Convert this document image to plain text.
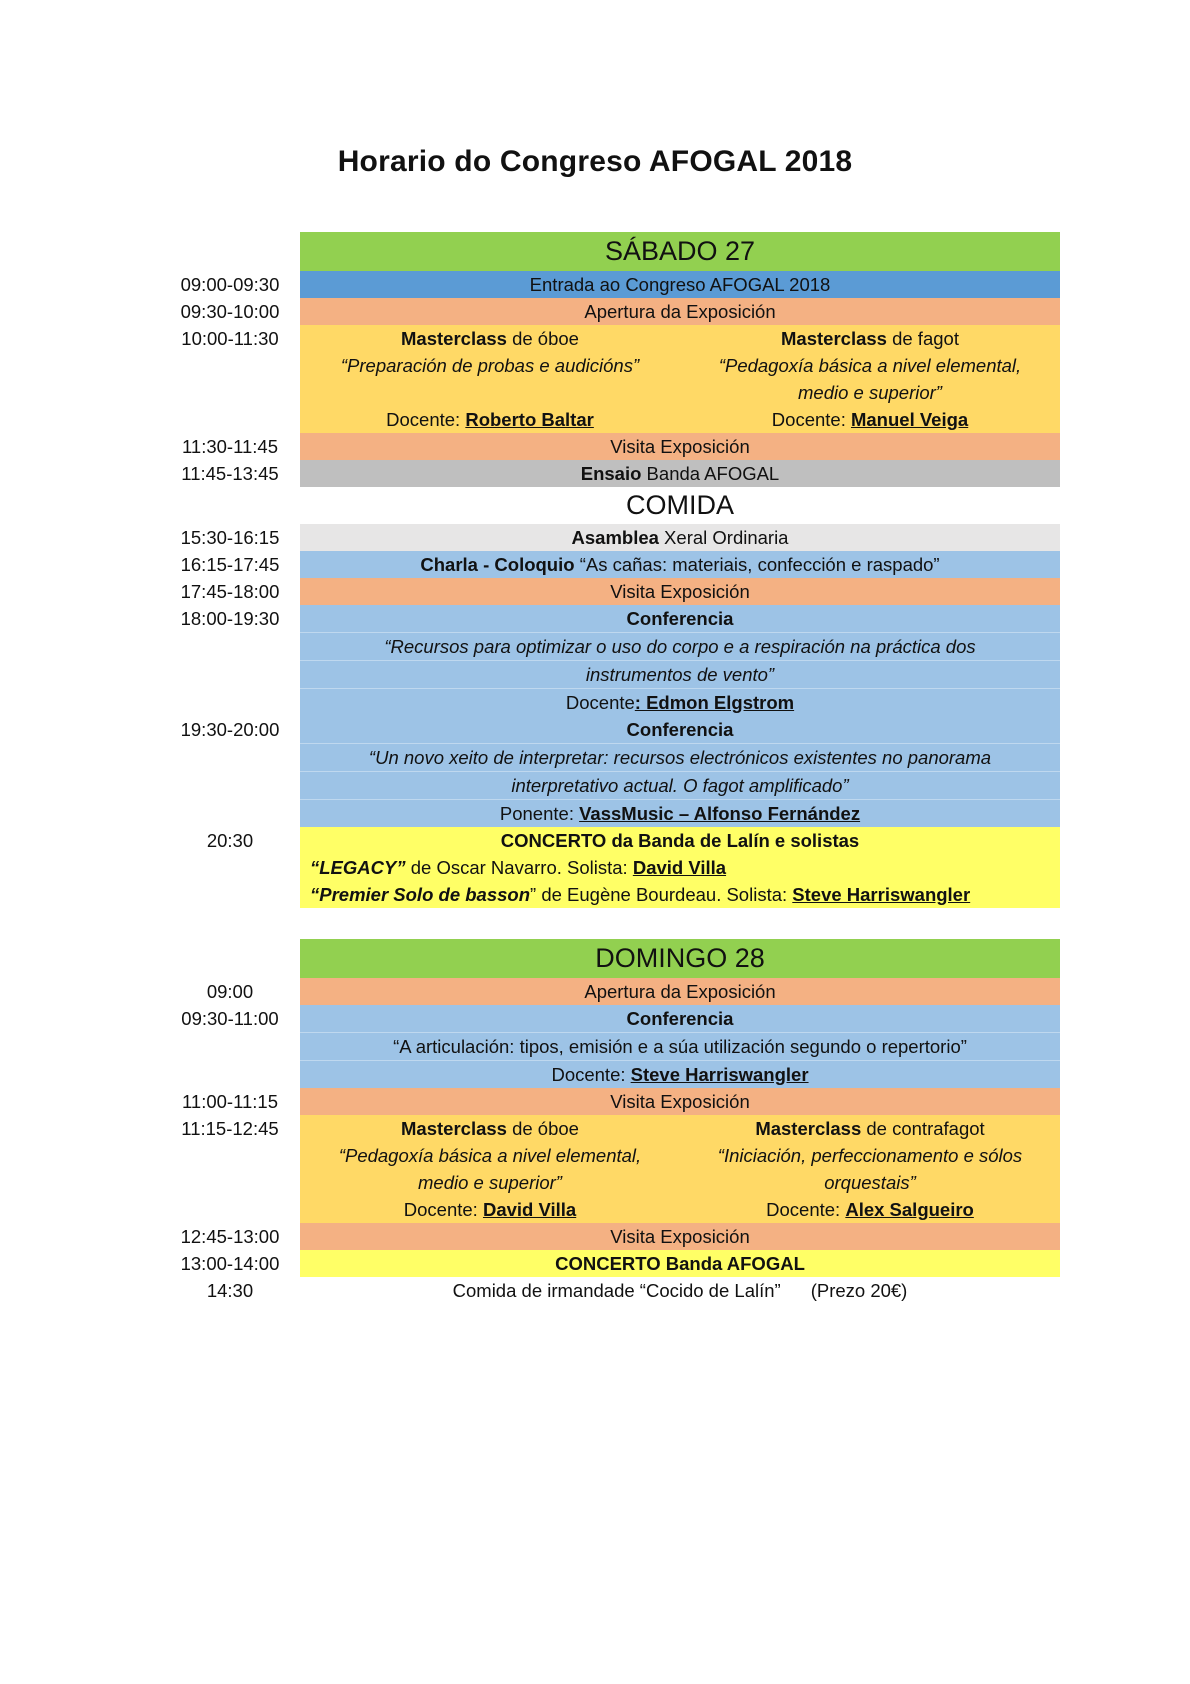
Horario do Congreso AFOGAL 2018
SÁBADO 27
09:00-09:30	Entrada ao Congreso AFOGAL 2018
09:30-10:00	Apertura da Exposición
10:00-11:30	Masterclass de óboe
“Preparación de probas e audicións”
Docente: Roberto Baltar
Masterclass de fagot
“Pedagoxía básica a nivel elemental,
medio e superior”
Docente: Manuel Veiga
11:30-11:45	Visita Exposición
11:45-13:45	Ensaio Banda AFOGAL
COMIDA
15:30-16:15	Asamblea Xeral Ordinaria
16:15-17:45	Charla - Coloquio “As cañas: materiais, confección e raspado”
17:45-18:00	Visita Exposición
18:00-19:30	Conferencia
“Recursos para optimizar o uso do corpo e a respiración na práctica dos
instrumentos de vento”
Docente: Edmon Elgstrom
19:30-20:00	Conferencia
“Un novo xeito de interpretar: recursos electrónicos existentes no panorama
interpretativo actual. O fagot amplificado”
Ponente: VassMusic – Alfonso Fernández
20:30	CONCERTO da Banda de Lalín e solistas
“LEGACY” de Oscar Navarro. Solista: David Villa
“Premier Solo de basson” de Eugène Bourdeau. Solista: Steve Harriswangler
DOMINGO 28
09:00	Apertura da Exposición
09:30-11:00	Conferencia
“A articulación: tipos, emisión e a súa utilización segundo o repertorio”
Docente: Steve Harriswangler
11:00-11:15	Visita Exposición
11:15-12:45	Masterclass de óboe
“Pedagoxía básica a nivel elemental,
medio e superior”
Docente: David Villa
Masterclass de contrafagot
“Iniciación, perfeccionamento e sólos
orquestais”
Docente: Alex Salgueiro
12:45-13:00	Visita Exposición
13:00-14:00	CONCERTO Banda AFOGAL
14:30	Comida de irmandade “Cocido de Lalín” (Prezo 20€)
